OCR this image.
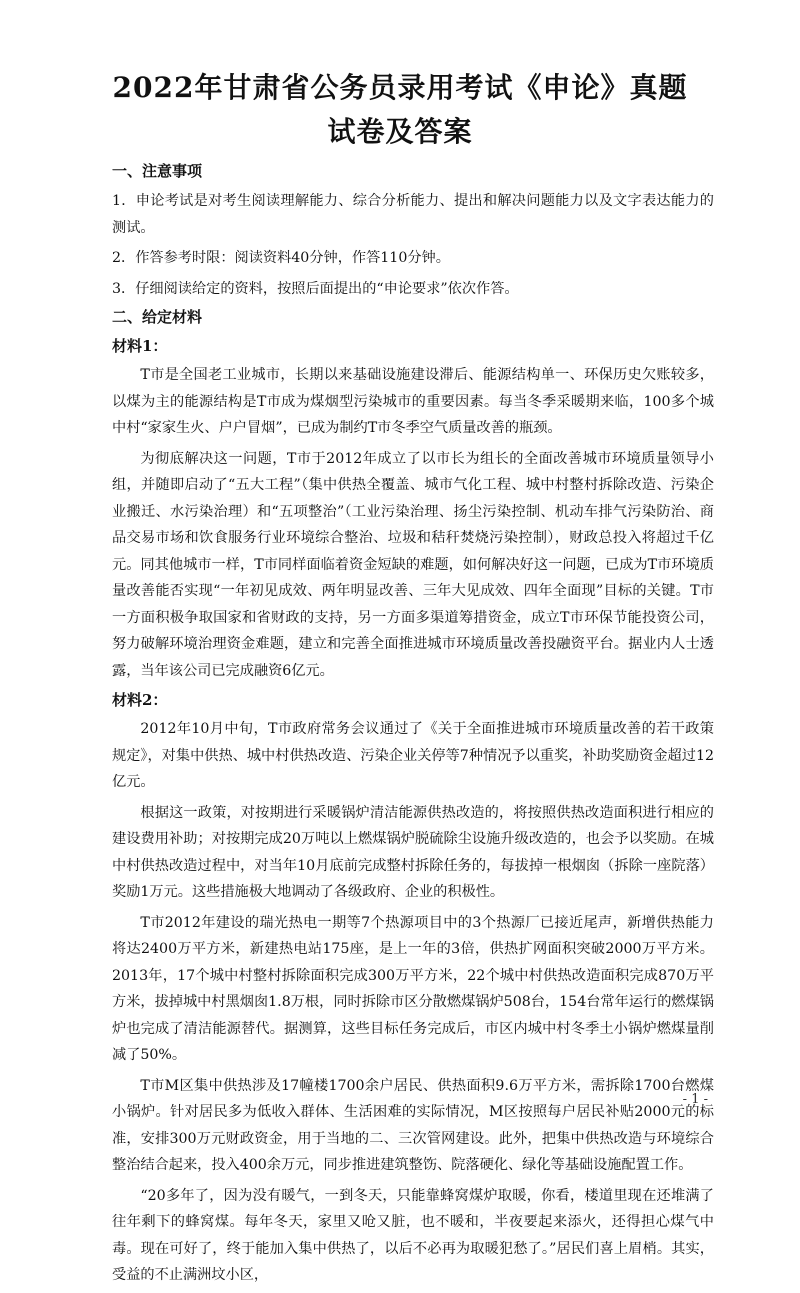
2022年甘肃省公务员录用考试《申论》真题
试卷及答案

一、注意事项

1．申论考试是对考生阅读理解能力、综合分析能力、提出和解决问题能力以及文字表达能力的测试。

2．作答参考时限：阅读资料40分钟，作答110分钟。

3．仔细阅读给定的资料，按照后面提出的“申论要求”依次作答。

二、给定材料

材料1：

T市是全国老工业城市，长期以来基础设施建设滞后、能源结构单一、环保历史欠账较多，以煤为主的能源结构是T市成为煤烟型污染城市的重要因素。每当冬季采暖期来临，100多个城中村“家家生火、户户冒烟”，已成为制约T市冬季空气质量改善的瓶颈。

为彻底解决这一问题，T市于2012年成立了以市长为组长的全面改善城市环境质量领导小组，并随即启动了“五大工程”（集中供热全覆盖、城市气化工程、城中村整村拆除改造、污染企业搬迁、水污染治理）和“五项整治”（工业污染治理、扬尘污染控制、机动车排气污染防治、商品交易市场和饮食服务行业环境综合整治、垃圾和秸秆焚烧污染控制），财政总投入将超过千亿元。同其他城市一样，T市同样面临着资金短缺的难题，如何解决好这一问题，已成为T市环境质量改善能否实现“一年初见成效、两年明显改善、三年大见成效、四年全面现”目标的关键。T市一方面积极争取国家和省财政的支持，另一方面多渠道筹措资金，成立T市环保节能投资公司，努力破解环境治理资金难题，建立和完善全面推进城市环境质量改善投融资平台。据业内人士透露，当年该公司已完成融资6亿元。

材料2：

2012年10月中旬，T市政府常务会议通过了《关于全面推进城市环境质量改善的若干政策规定》，对集中供热、城中村供热改造、污染企业关停等7种情况予以重奖，补助奖励资金超过12亿元。

根据这一政策，对按期进行采暖锅炉清洁能源供热改造的，将按照供热改造面积进行相应的建设费用补助；对按期完成20万吨以上燃煤锅炉脱硫除尘设施升级改造的，也会予以奖励。在城中村供热改造过程中，对当年10月底前完成整村拆除任务的，每拔掉一根烟囱（拆除一座院落）奖励1万元。这些措施极大地调动了各级政府、企业的积极性。

T市2012年建设的瑞光热电一期等7个热源项目中的3个热源厂已接近尾声，新增供热能力将达2400万平方米，新建热电站175座，是上一年的3倍，供热扩网面积突破2000万平方米。2013年，17个城中村整村拆除面积完成300万平方米，22个城中村供热改造面积完成870万平方米，拔掉城中村黑烟囱1.8万根，同时拆除市区分散燃煤锅炉508台，154台常年运行的燃煤锅炉也完成了清洁能源替代。据测算，这些目标任务完成后，市区内城中村冬季土小锅炉燃煤量削减了50%。

T市M区集中供热涉及17幢楼1700余户居民、供热面积9.6万平方米，需拆除1700台燃煤小锅炉。针对居民多为低收入群体、生活困难的实际情况，M区按照每户居民补贴2000元的标准，安排300万元财政资金，用于当地的二、三次管网建设。此外，把集中供热改造与环境综合整治结合起来，投入400余万元，同步推进建筑整饬、院落硬化、绿化等基础设施配置工作。

“20多年了，因为没有暖气，一到冬天，只能靠蜂窝煤炉取暖，你看，楼道里现在还堆满了往年剩下的蜂窝煤。每年冬天，家里又呛又脏，也不暖和，半夜要起来添火，还得担心煤气中毒。现在可好了，终于能加入集中供热了，以后不必再为取暖犯愁了。”居民们喜上眉梢。其实，受益的不止满洲坟小区，

- 1 -
